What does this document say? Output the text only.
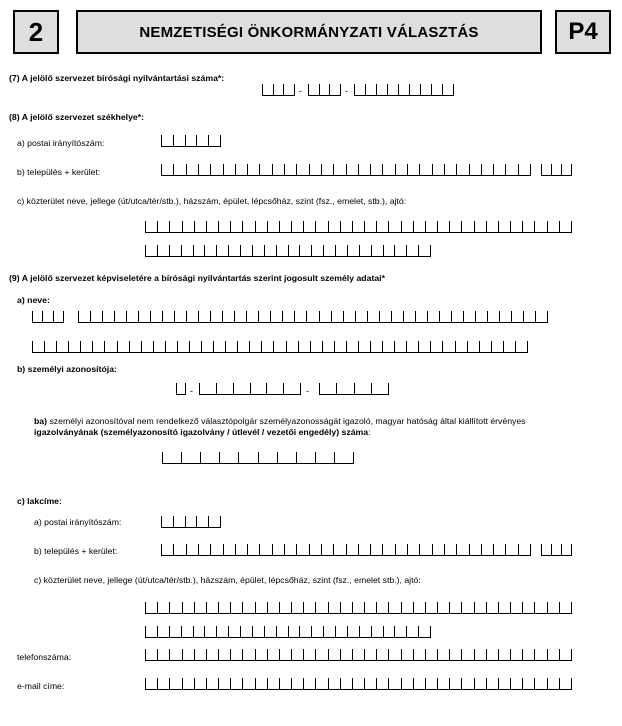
2	NEMZETISÉGI ÖNKORMÁNYZATI VÁLASZTÁS	P4
(7) A jelölő szervezet bírósági nyilvántartási száma*:
-	-
(8) A jelölő szervezet székhelye*:
a) postai irányítószám:
b) település + kerület:
c) közterület neve, jellege (út/utca/tér/stb.), házszám, épület, lépcsőház, szint (fsz., emelet, stb.), ajtó:
(9) A jelölő szervezet képviseletére a bírósági nyilvántartás szerint jogosult személy adatai*
a) neve:
b) személyi azonosítója:
-	-
ba) személyi azonosítóval nem rendelkező választópolgár személyazonosságát igazoló, magyar hatóság által kiállított érvényes
igazolványának (személyazonosító igazolvány / útlevél / vezetői engedély) száma:
c) lakcíme:
a) postai irányítószám:
b) település + kerület:
c) közterület neve, jellege (út/utca/tér/stb.), házszám, épület, lépcsőház, szint (fsz., emelet stb.), ajtó:
telefonszáma:
e-mail címe:
